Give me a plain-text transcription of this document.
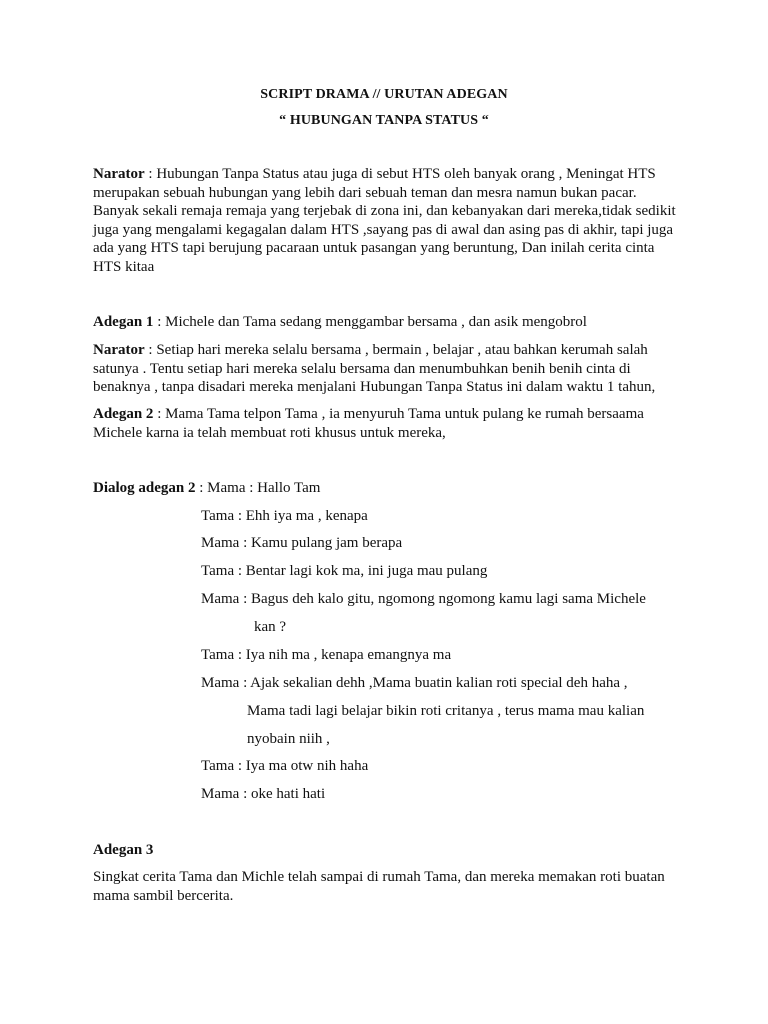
SCRIPT DRAMA // URUTAN ADEGAN
“ HUBUNGAN TANPA STATUS “
Narator : Hubungan Tanpa Status atau juga di sebut HTS oleh banyak orang , Meningat HTS merupakan sebuah hubungan yang lebih dari sebuah teman dan mesra namun bukan pacar. Banyak sekali remaja remaja yang terjebak di zona ini, dan kebanyakan dari mereka,tidak sedikit juga yang mengalami kegagalan dalam HTS ,sayang pas di awal dan asing pas di akhir, tapi juga ada yang HTS tapi berujung pacaraan untuk pasangan yang beruntung, Dan inilah cerita cinta HTS kitaa
Adegan 1 : Michele dan Tama sedang menggambar bersama , dan asik mengobrol
Narator : Setiap hari mereka selalu bersama , bermain , belajar , atau bahkan kerumah salah satunya . Tentu setiap hari mereka selalu bersama dan menumbuhkan benih benih cinta di benaknya , tanpa disadari mereka menjalani Hubungan Tanpa Status ini dalam waktu 1 tahun,
Adegan 2 : Mama Tama telpon Tama , ia menyuruh Tama untuk pulang ke rumah bersaama Michele karna ia telah membuat roti khusus untuk mereka,
Dialog adegan 2 : Mama : Hallo Tam
Tama : Ehh iya ma , kenapa
Mama : Kamu pulang jam berapa
Tama : Bentar lagi kok ma, ini juga mau pulang
Mama : Bagus deh kalo gitu, ngomong ngomong kamu lagi sama Michele
kan ?
Tama : Iya nih ma , kenapa emangnya ma
Mama : Ajak sekalian dehh ,Mama buatin kalian roti special deh haha ,
Mama tadi lagi belajar bikin roti critanya , terus mama mau kalian
nyobain niih ,
Tama : Iya ma otw nih haha
Mama : oke hati hati
Adegan 3
Singkat cerita Tama dan Michle telah sampai di rumah Tama, dan mereka memakan roti buatan mama sambil bercerita.
